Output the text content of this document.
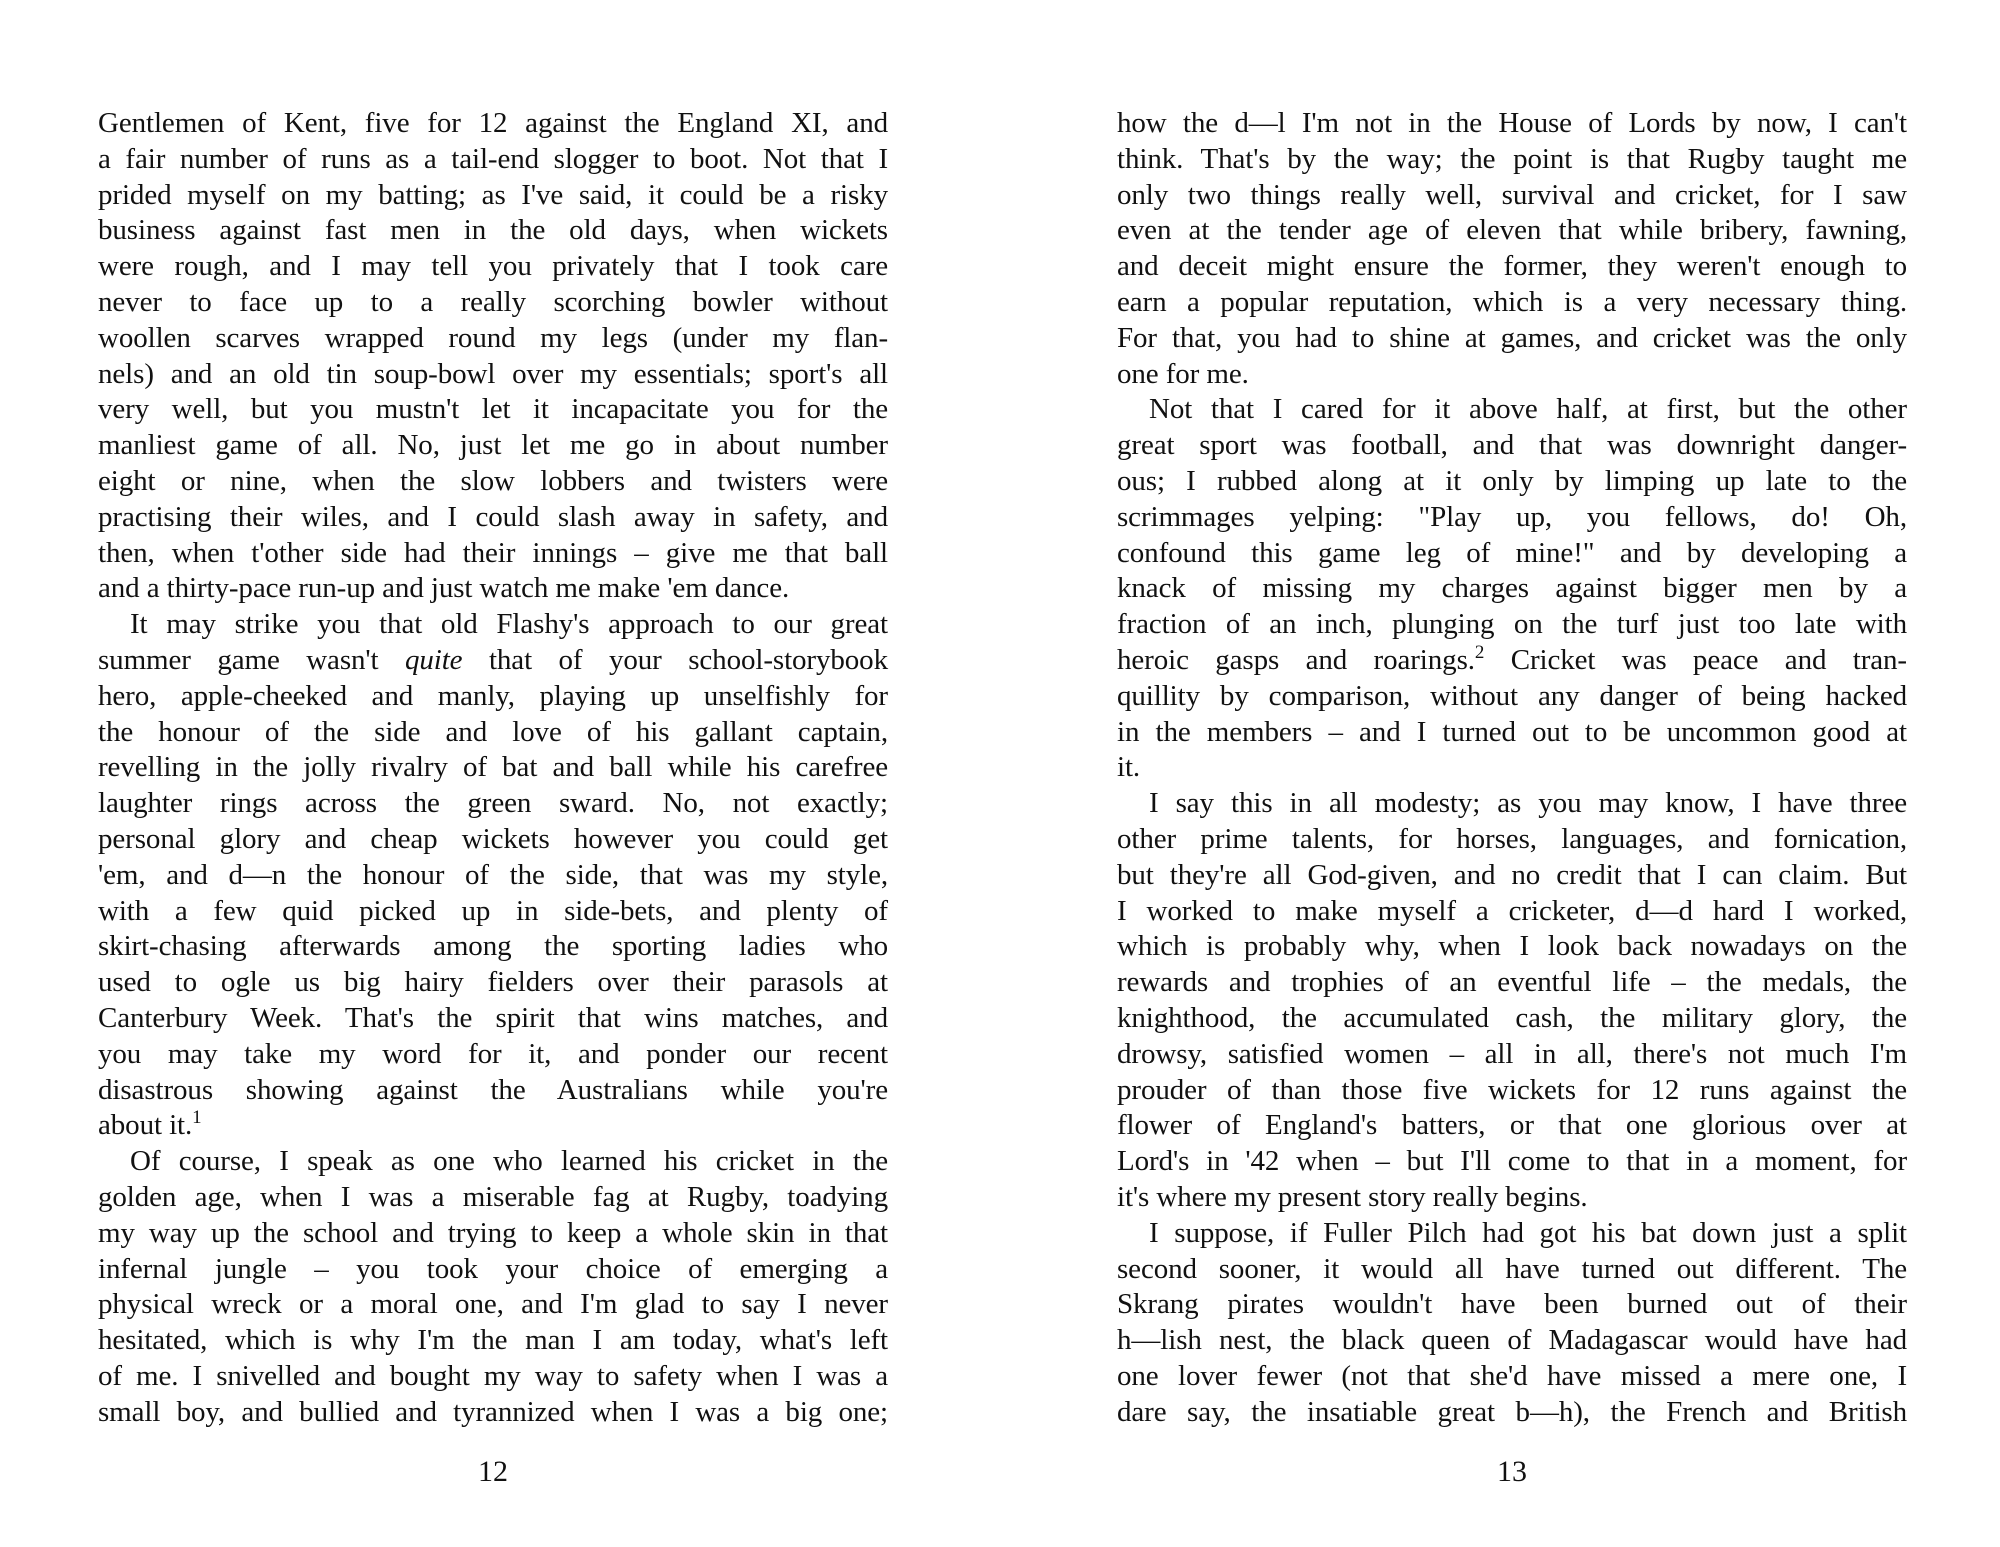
Gentlemen of Kent, five for 12 against the England XI, and
a fair number of runs as a tail-end slogger to boot. Not that I
prided myself on my batting; as I've said, it could be a risky
business against fast men in the old days, when wickets
were rough, and I may tell you privately that I took care
never to face up to a really scorching bowler without
woollen scarves wrapped round my legs (under my flan-
nels) and an old tin soup-bowl over my essentials; sport's all
very well, but you mustn't let it incapacitate you for the
manliest game of all. No, just let me go in about number
eight or nine, when the slow lobbers and twisters were
practising their wiles, and I could slash away in safety, and
then, when t'other side had their innings – give me that ball
and a thirty-pace run-up and just watch me make 'em dance.
It may strike you that old Flashy's approach to our great
summer game wasn't quite that of your school-storybook
hero, apple-cheeked and manly, playing up unselfishly for
the honour of the side and love of his gallant captain,
revelling in the jolly rivalry of bat and ball while his carefree
laughter rings across the green sward. No, not exactly;
personal glory and cheap wickets however you could get
'em, and d—n the honour of the side, that was my style,
with a few quid picked up in side-bets, and plenty of
skirt-chasing afterwards among the sporting ladies who
used to ogle us big hairy fielders over their parasols at
Canterbury Week. That's the spirit that wins matches, and
you may take my word for it, and ponder our recent
disastrous showing against the Australians while you're
about it.$^1$
Of course, I speak as one who learned his cricket in the
golden age, when I was a miserable fag at Rugby, toadying
my way up the school and trying to keep a whole skin in that
infernal jungle – you took your choice of emerging a
physical wreck or a moral one, and I'm glad to say I never
hesitated, which is why I'm the man I am today, what's left
of me. I snivelled and bought my way to safety when I was a
small boy, and bullied and tyrannized when I was a big one;
12
how the d—l I'm not in the House of Lords by now, I can't
think. That's by the way; the point is that Rugby taught me
only two things really well, survival and cricket, for I saw
even at the tender age of eleven that while bribery, fawning,
and deceit might ensure the former, they weren't enough to
earn a popular reputation, which is a very necessary thing.
For that, you had to shine at games, and cricket was the only
one for me.
Not that I cared for it above half, at first, but the other
great sport was football, and that was downright danger-
ous; I rubbed along at it only by limping up late to the
scrimmages yelping: "Play up, you fellows, do! Oh,
confound this game leg of mine!" and by developing a
knack of missing my charges against bigger men by a
fraction of an inch, plunging on the turf just too late with
heroic gasps and roarings.$^2$ Cricket was peace and tran-
quillity by comparison, without any danger of being hacked
in the members – and I turned out to be uncommon good at
it.
I say this in all modesty; as you may know, I have three
other prime talents, for horses, languages, and fornication,
but they're all God-given, and no credit that I can claim. But
I worked to make myself a cricketer, d—d hard I worked,
which is probably why, when I look back nowadays on the
rewards and trophies of an eventful life – the medals, the
knighthood, the accumulated cash, the military glory, the
drowsy, satisfied women – all in all, there's not much I'm
prouder of than those five wickets for 12 runs against the
flower of England's batters, or that one glorious over at
Lord's in '42 when – but I'll come to that in a moment, for
it's where my present story really begins.
I suppose, if Fuller Pilch had got his bat down just a split
second sooner, it would all have turned out different. The
Skrang pirates wouldn't have been burned out of their
h—lish nest, the black queen of Madagascar would have had
one lover fewer (not that she'd have missed a mere one, I
dare say, the insatiable great b—h), the French and British
13
